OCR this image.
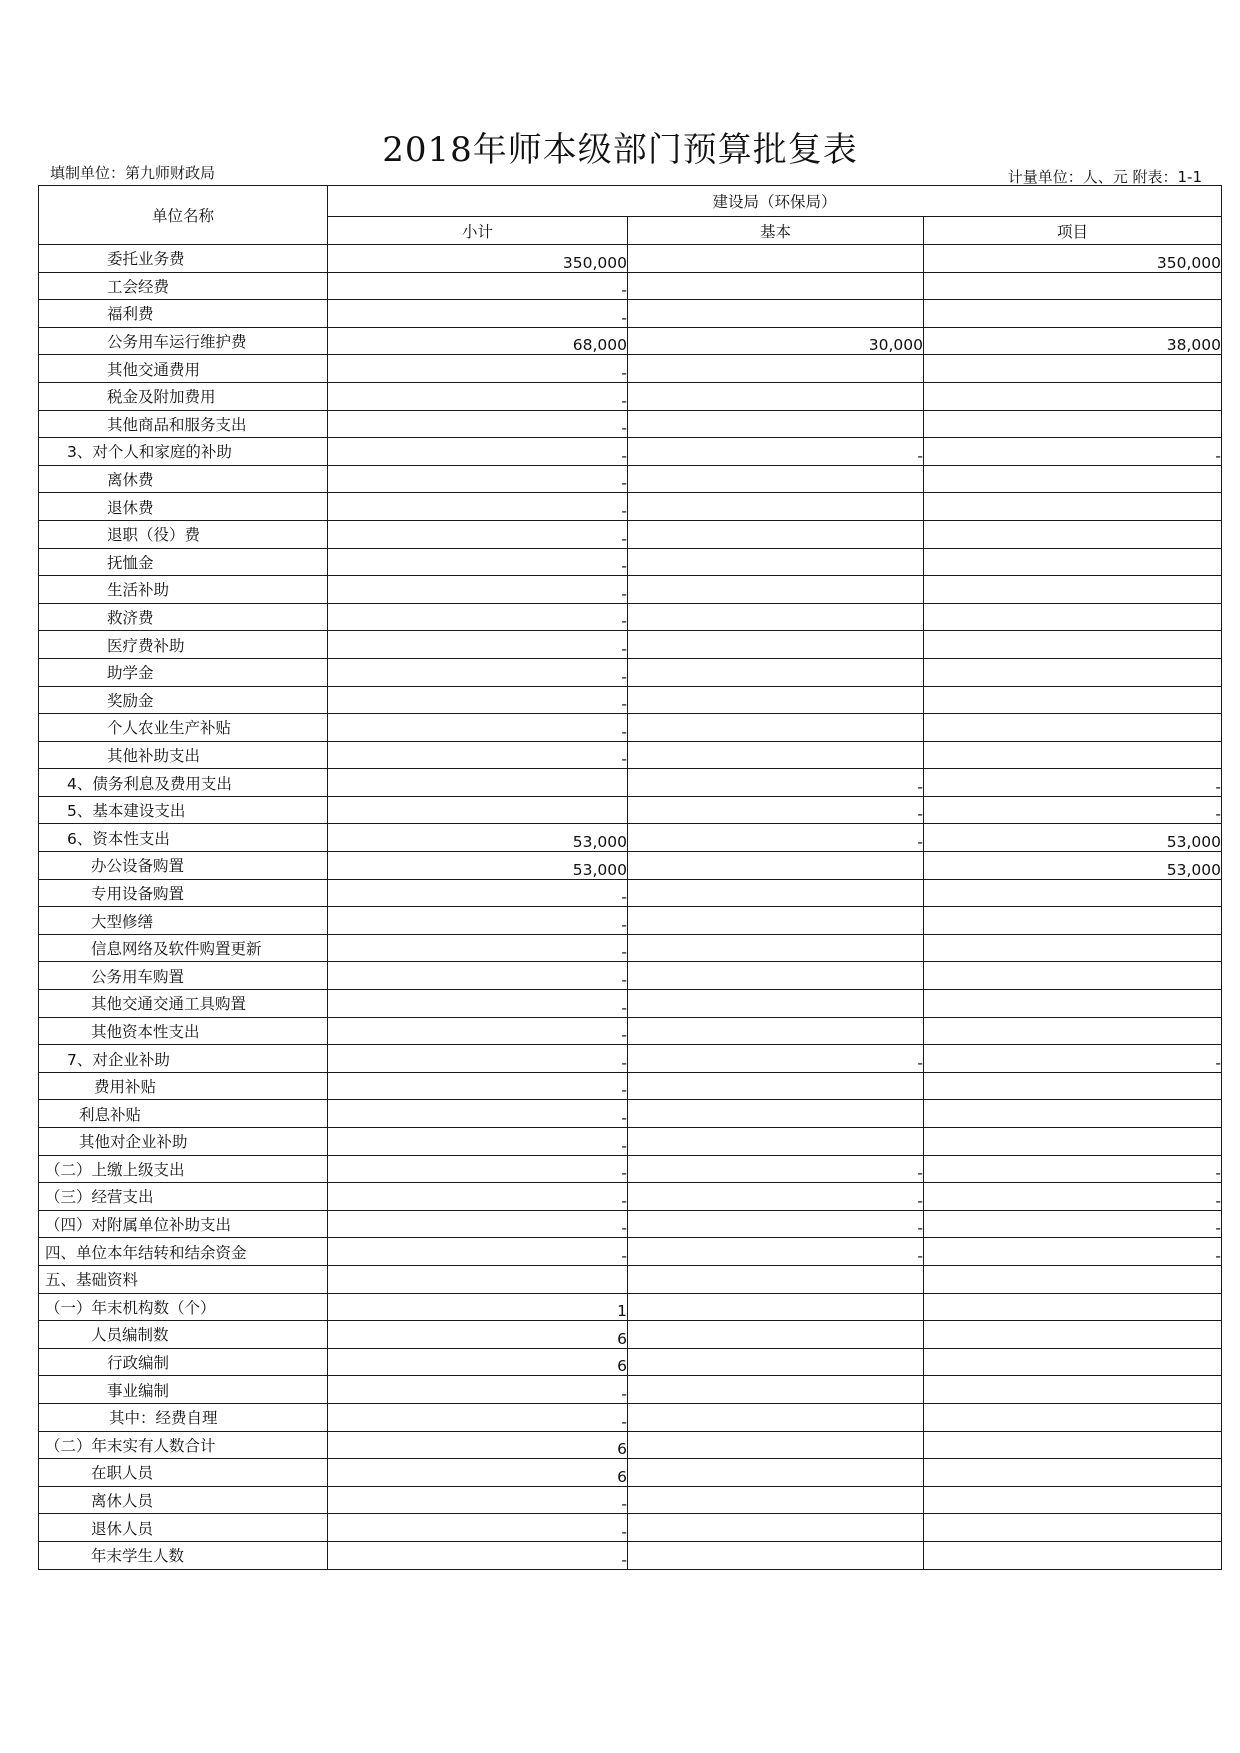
2018年师本级部门预算批复表
填制单位：第九师财政局	计量单位：人、元 附表：1-1
单位名称	建设局（环保局）		
	小计	基本	项目
委托业务费	350,000		350,000
工会经费	-		
福利费	-		
公务用车运行维护费	68,000	30,000	38,000
其他交通费用	-		
税金及附加费用	-		
其他商品和服务支出	-		
3、对个人和家庭的补助	-	-	-
离休费	-		
退休费	-		
退职（役）费	-		
抚恤金	-		
生活补助	-		
救济费	-		
医疗费补助	-		
助学金	-		
奖励金	-		
个人农业生产补贴	-		
其他补助支出	-		
4、债务利息及费用支出		-	-
5、基本建设支出		-	-
6、资本性支出	53,000	-	53,000
办公设备购置	53,000		53,000
专用设备购置	-		
大型修缮	-		
信息网络及软件购置更新	-		
公务用车购置	-		
其他交通交通工具购置	-		
其他资本性支出	-		
7、对企业补助	-	-	-
费用补贴	-		
利息补贴	-		
其他对企业补助	-		
（二）上缴上级支出	-	-	-
（三）经营支出	-	-	-
（四）对附属单位补助支出	-	-	-
四、单位本年结转和结余资金	-	-	-
五、基础资料			
（一）年末机构数（个）	1		
人员编制数	6		
行政编制	6		
事业编制	-		
其中：经费自理	-		
（二）年末实有人数合计	6		
在职人员	6		
离休人员	-		
退休人员	-		
年末学生人数	-		
